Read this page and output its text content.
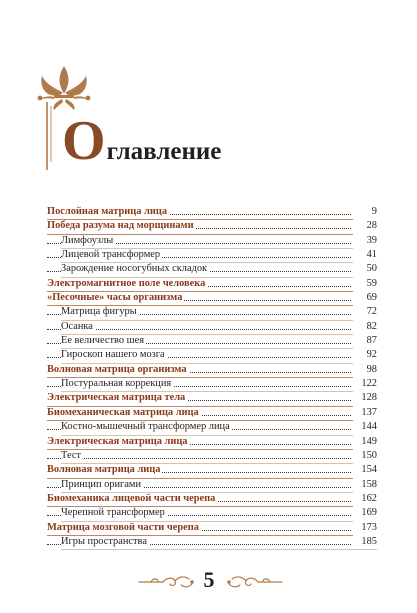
Оглавление
Послойная матрица лица	9
Победа разума над морщинами	28
Лимфоузлы	39
Лицевой трансформер	41
Зарождение носогубных складок	50
Электромагнитное поле человека	59
«Песочные» часы организма	69
Матрица фигуры	72
Осанка	82
Ее величество шея	87
Гироскоп нашего мозга	92
Волновая матрица организма	98
Постуральная коррекция	122
Электрическая матрица тела	128
Биомеханическая матрица лица	137
Костно-мышечный трансформер лица	144
Электрическая матрица лица	149
Тест	150
Волновая матрица лица	154
Принцип оригами	158
Биомеханика лицевой части черепа	162
Черепной трансформер	169
Матрица мозговой части черепа	173
Игры пространства	185
5
